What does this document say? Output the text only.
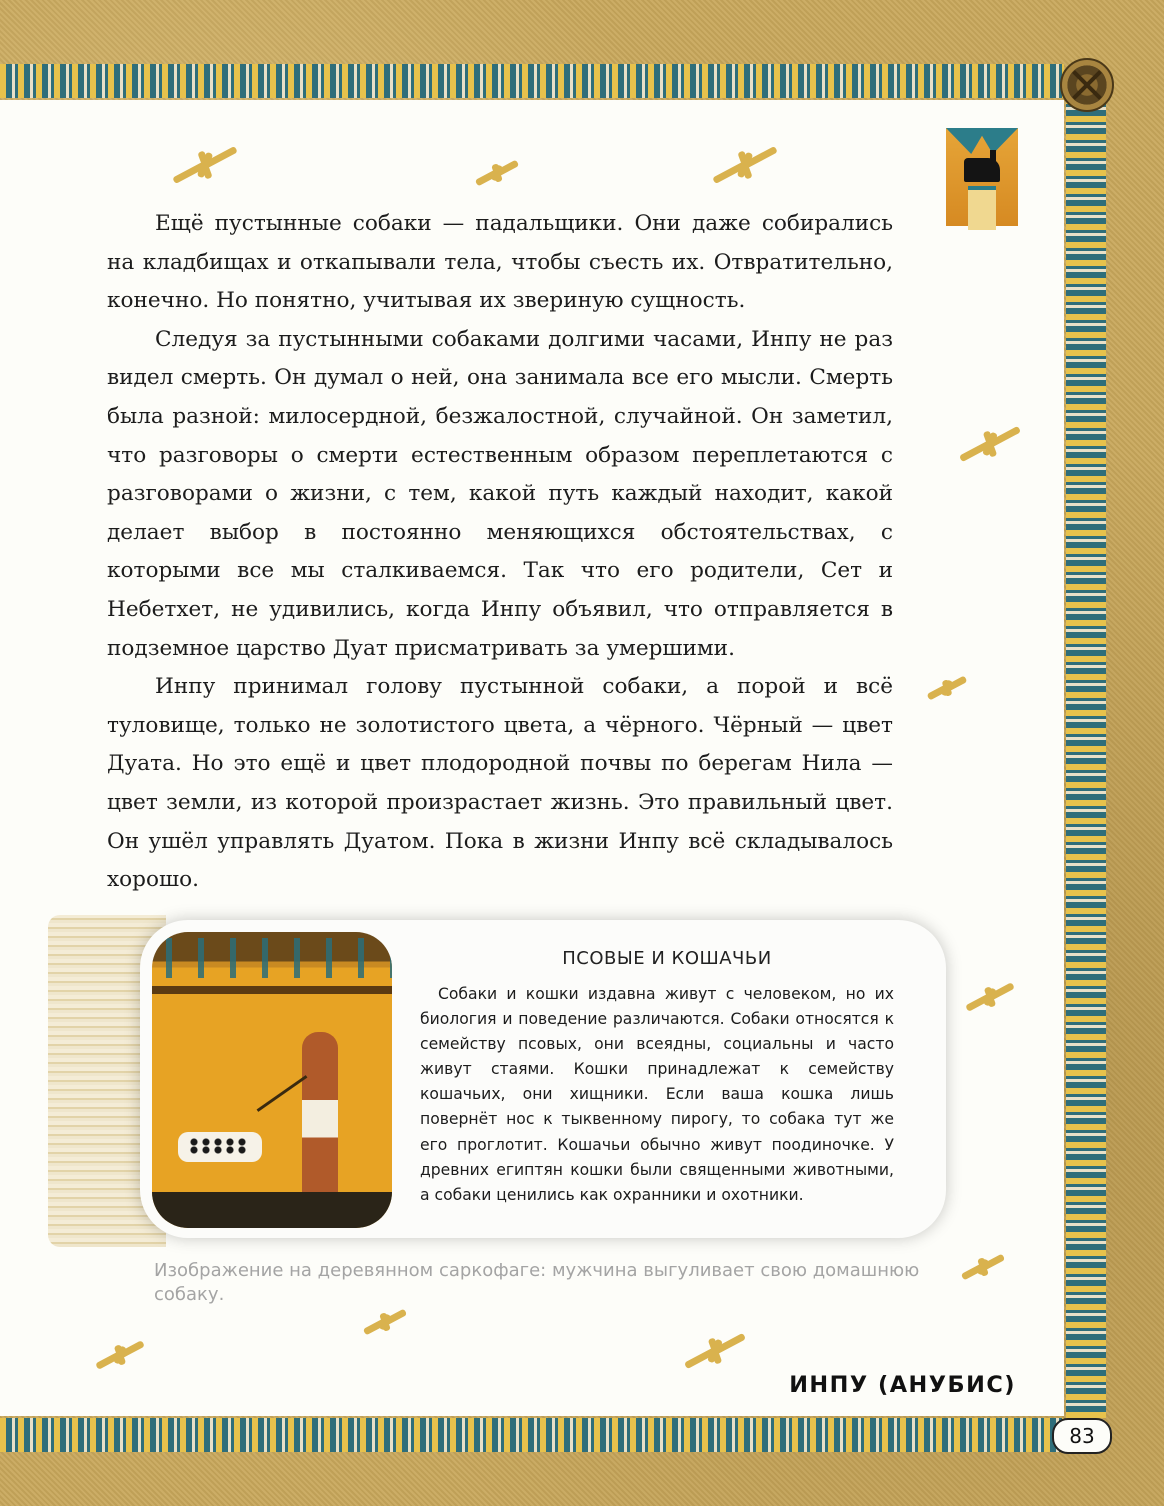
Ещё пустынные собаки — падальщики. Они даже собирались на кладбищах и откапывали тела, чтобы съесть их. Отвратительно, конечно. Но понятно, учитывая их звериную сущность.

Следуя за пустынными собаками долгими часами, Инпу не раз видел смерть. Он думал о ней, она занимала все его мысли. Смерть была разной: милосердной, безжалостной, случайной. Он заметил, что разговоры о смерти естественным образом переплетаются с разговорами о жизни, с тем, какой путь каждый находит, какой делает выбор в постоянно меняющихся обстоятельствах, с которыми все мы сталкиваемся. Так что его родители, Сет и Небетхет, не удивились, когда Инпу объявил, что отправляется в подземное царство Дуат присматривать за умершими.

Инпу принимал голову пустынной собаки, а порой и всё туловище, только не золотистого цвета, а чёрного. Чёрный — цвет Дуата. Но это ещё и цвет плодородной почвы по берегам Нила — цвет земли, из которой произрастает жизнь. Это правильный цвет. Он ушёл управлять Дуатом. Пока в жизни Инпу всё складывалось хорошо.

ПСОВЫЕ И КОШАЧЬИ

Собаки и кошки издавна живут с человеком, но их биология и поведение различаются. Собаки относятся к семейству псовых, они всеядны, социальны и часто живут стаями. Кошки принадлежат к семейству кошачьих, они хищники. Если ваша кошка лишь повернёт нос к тыквенному пирогу, то собака тут же его проглотит. Кошачьи обычно живут поодиночке. У древних египтян кошки были священными животными, а собаки ценились как охранники и охотники.

Изображение на деревянном саркофаге: мужчина выгуливает свою домашнюю собаку.
ИНПУ (АНУБИС)
83
